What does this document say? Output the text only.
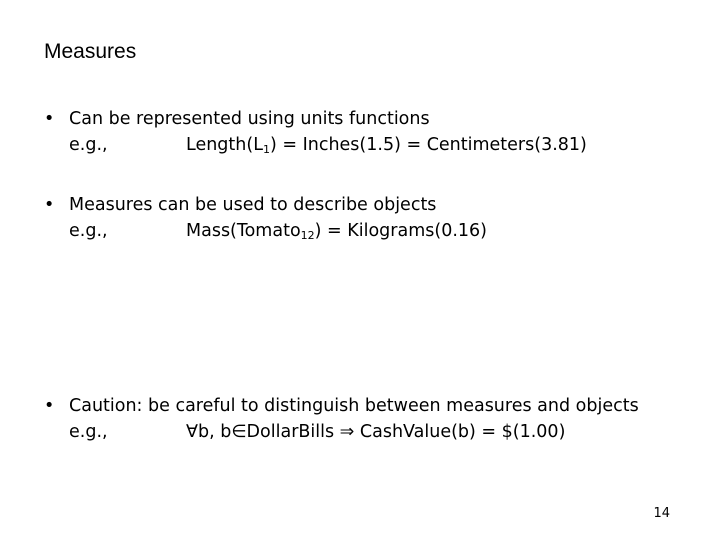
Measures
• Can be represented using units functions
e.g.,	$Length(L_1)$ = Inches(1.5) = Centimeters(3.81)
• Measures can be used to describe objects
e.g.,	Mass(Tomato$_{12}$) = Kilograms(0.16)
• Caution: be careful to distinguish between measures and objects
e.g.,	∀b, b∈DollarBills ⇒ CashValue(b) = $(1.00)
14
